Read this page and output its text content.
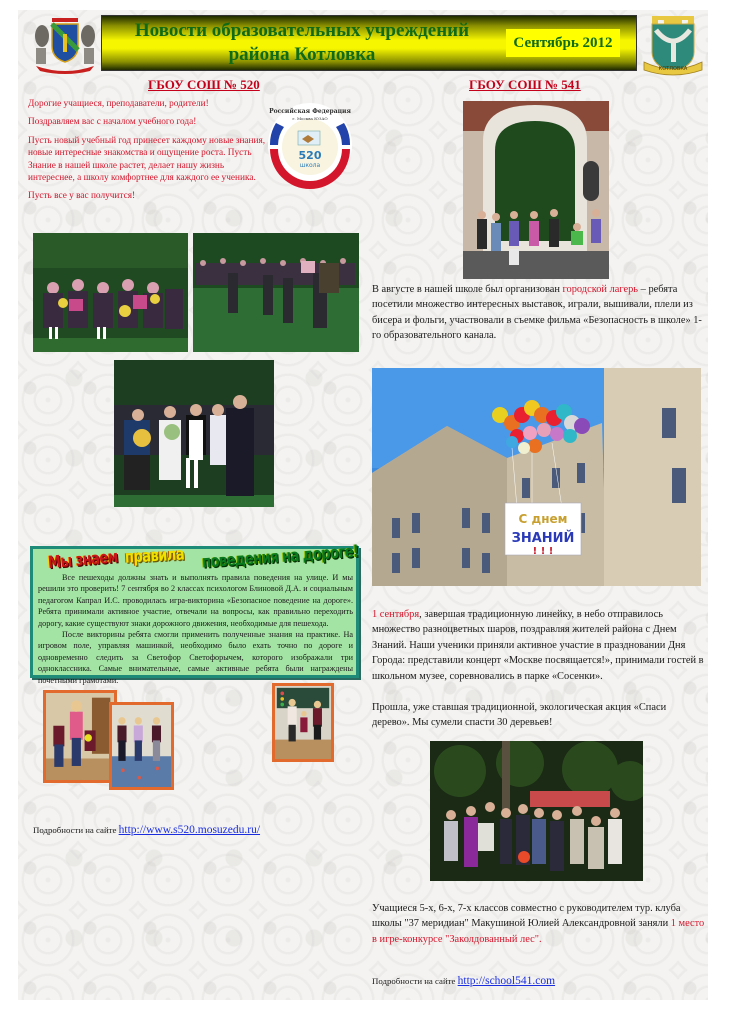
Новости образовательных учреждений
района Котловка
Сентябрь 2012
КОТЛОВКА
ГБОУ СОШ № 520	ГБОУ СОШ № 541

Дорогие учащиеся, преподаватели, родители!

Поздравляем вас с началом учебного года!

Пусть новый учебный год принесет каждому новые знания, новые интересные знакомства и ощущение роста. Пусть Знание в нашей школе растет, делает нашу жизнь интереснее, а школу комфортнее для каждого ее ученика.

Пусть все у вас получится!

520
школа
Российская Федерация
г. Москва ЮЗАО
Мы знаем правила поведения на дороге!
Все пешеходы должны знать и выполнять правила поведения на улице. И мы решили это проверить! 7 сентября во 2 классах психологом Блиновой Д.А. и социальным педагогом Капрал И.С. проводилась игра-викторина «Безопасное поведение на дороге». Ребята принимали активное участие, отвечали на вопросы, как правильно переходить дорогу, какие существуют знаки дорожного движения, необходимые для пешехода.
После викторины ребята смогли применить полученные знания на практике. На игровом поле, управляя машинкой, необходимо было ехать точно по дороге и одновременно следить за Светофор Светофорычем, которого изображали три одноклассника. Самые внимательные, самые активные ребята были награждены почетными грамотами.
Подробности на сайте http://www.s520.mosuzedu.ru/
В августе в нашей школе был организован городской лагерь – ребята посетили множество интересных выставок, играли, вышивали, плели из бисера и фольги, участвовали в съемке фильма «Безопасность в школе» 1-го образовательного канала.
С днем
ЗНАНИЙ
! ! !
1 сентября, завершая традиционную линейку, в небо отправилось множество разноцветных шаров, поздравляя жителей района с Днем Знаний. Наши ученики приняли активное участие в праздновании Дня Города: представили концерт «Москве посвящается!», принимали гостей в школьном музее, соревновались в парке «Сосенки».
Прошла, уже ставшая традиционной, экологическая акция «Спаси дерево». Мы сумели спасти 30 деревьев!
Учащиеся 5-х, 6-х, 7-х классов совместно с руководителем тур. клуба школы "37 меридиан" Макушиной Юлией Александровной заняли 1 место в игре-конкурсе "Заколдованный лес".
Подробности на сайте http://school541.com
